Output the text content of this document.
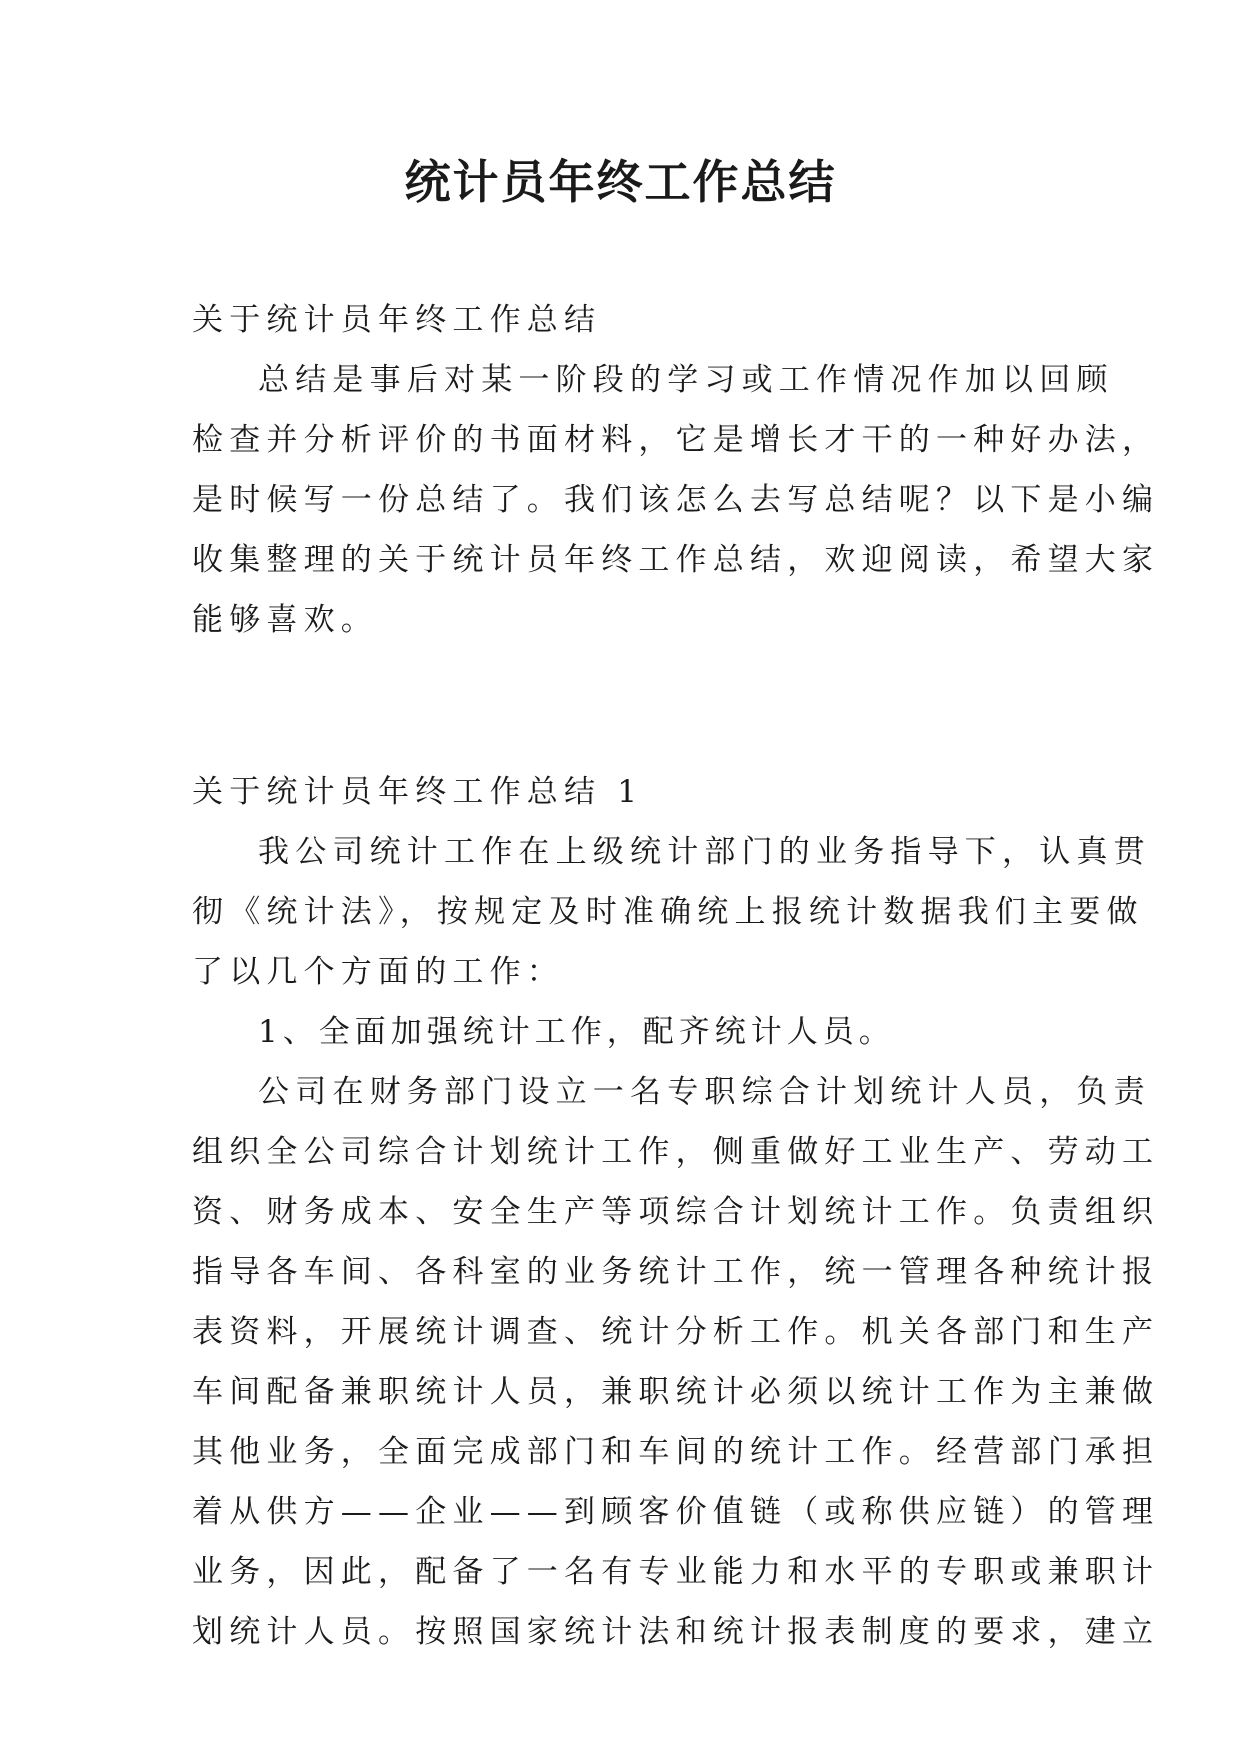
统计员年终工作总结
关于统计员年终工作总结
总结是事后对某一阶段的学习或工作情况作加以回顾
检查并分析评价的书面材料，它是增长才干的一种好办法，
是时候写一份总结了。我们该怎么去写总结呢？以下是小编
收集整理的关于统计员年终工作总结，欢迎阅读，希望大家
能够喜欢。
关于统计员年终工作总结 1
我公司统计工作在上级统计部门的业务指导下，认真贯
彻《统计法》，按规定及时准确统上报统计数据我们主要做
了以几个方面的工作：
1、全面加强统计工作，配齐统计人员。
公司在财务部门设立一名专职综合计划统计人员，负责
组织全公司综合计划统计工作，侧重做好工业生产、劳动工
资、财务成本、安全生产等项综合计划统计工作。负责组织
指导各车间、各科室的业务统计工作，统一管理各种统计报
表资料，开展统计调查、统计分析工作。机关各部门和生产
车间配备兼职统计人员，兼职统计必须以统计工作为主兼做
其他业务，全面完成部门和车间的统计工作。经营部门承担
着从供方——企业——到顾客价值链（或称供应链）的管理
业务，因此，配备了一名有专业能力和水平的专职或兼职计
划统计人员。按照国家统计法和统计报表制度的要求，建立
